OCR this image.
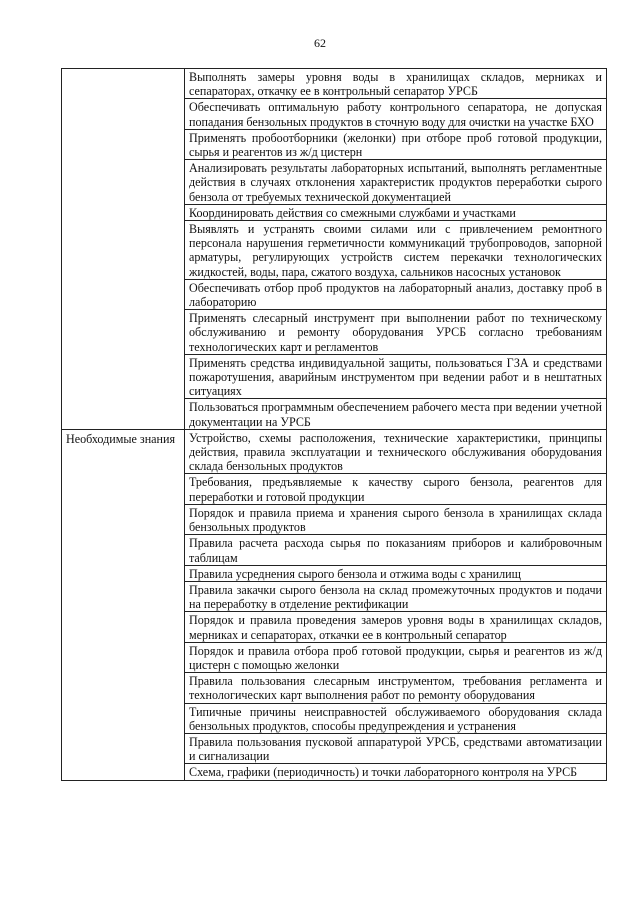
62
	Выполнять замеры уровня воды в хранилищах складов, мерниках и сепараторах, откачку ее в контрольный сепаратор УРСБ
	Обеспечивать оптимальную работу контрольного сепаратора, не допуская попадания бензольных продуктов в сточную воду для очистки на участке БХО
	Применять пробоотборники (желонки) при отборе проб готовой продукции, сырья и реагентов из ж/д цистерн
	Анализировать результаты лабораторных испытаний, выполнять регламентные действия в случаях отклонения характеристик продуктов переработки сырого бензола от требуемых технической документацией
	Координировать действия со смежными службами и участками
	Выявлять и устранять своими силами или с привлечением ремонтного персонала нарушения герметичности коммуникаций трубопроводов, запорной арматуры, регулирующих устройств систем перекачки технологических жидкостей, воды, пара, сжатого воздуха, сальников насосных установок
	Обеспечивать отбор проб продуктов на лабораторный анализ, доставку проб в лабораторию
	Применять слесарный инструмент при выполнении работ по техническому обслуживанию и ремонту оборудования УРСБ согласно требованиям технологических карт и регламентов
	Применять средства индивидуальной защиты, пользоваться ГЗА и средствами пожаротушения, аварийным инструментом при ведении работ и в нештатных ситуациях
	Пользоваться программным обеспечением рабочего места при ведении учетной документации на УРСБ

Необходимые знания	Устройство, схемы расположения, технические характеристики, принципы действия, правила эксплуатации и технического обслуживания оборудования склада бензольных продуктов
	Требования, предъявляемые к качеству сырого бензола, реагентов для переработки и готовой продукции
	Порядок и правила приема и хранения сырого бензола в хранилищах склада бензольных продуктов
	Правила расчета расхода сырья по показаниям приборов и калибровочным таблицам
	Правила усреднения сырого бензола и отжима воды с хранилищ
	Правила закачки сырого бензола на склад промежуточных продуктов и подачи на переработку в отделение ректификации
	Порядок и правила проведения замеров уровня воды в хранилищах складов, мерниках и сепараторах, откачки ее в контрольный сепаратор
	Порядок и правила отбора проб готовой продукции, сырья и реагентов из ж/д цистерн с помощью желонки
	Правила пользования слесарным инструментом, требования регламента и технологических карт выполнения работ по ремонту оборудования
	Типичные причины неисправностей обслуживаемого оборудования склада бензольных продуктов, способы предупреждения и устранения
	Правила пользования пусковой аппаратурой УРСБ, средствами автоматизации и сигнализации
	Схема, графики (периодичность) и точки лабораторного контроля на УРСБ
